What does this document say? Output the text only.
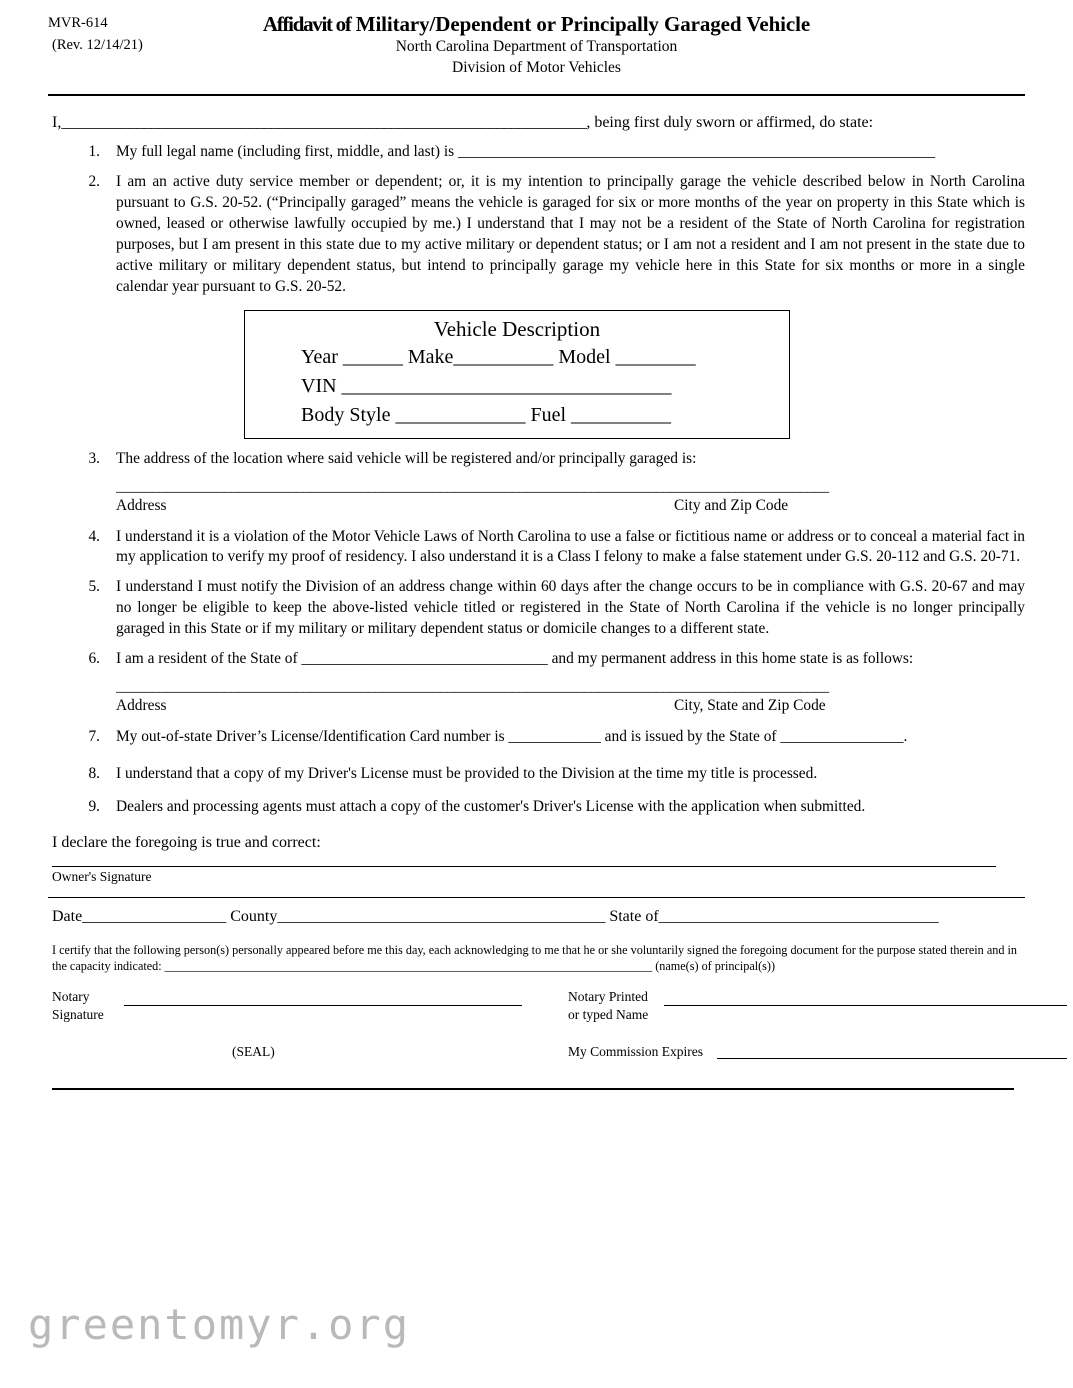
MVR-614
(Rev. 12/14/21)
Affidavit of Military/Dependent or Principally Garaged Vehicle
North Carolina Department of Transportation
Division of Motor Vehicles
I,______________________________________________________________________, being first duly sworn or affirmed, do state:
1. My full legal name (including first, middle, and last) is ______________________________________________________________
2. I am an active duty service member or dependent; or, it is my intention to principally garage the vehicle described below in North Carolina pursuant to G.S. 20-52. (“Principally garaged” means the vehicle is garaged for six or more months of the year on property in this State which is owned, leased or otherwise lawfully occupied by me.) I understand that I may not be a resident of the State of North Carolina for registration purposes, but I am present in this state due to my active military or dependent status; or I am not a resident and I am not present in the state due to active military or military dependent status, but intend to principally garage my vehicle here in this State for six months or more in a single calendar year pursuant to G.S. 20-52.
Vehicle Description
Year ______ Make__________ Model ________
VIN _________________________________
Body Style _____________ Fuel __________
3. The address of the location where said vehicle will be registered and/or principally garaged is:
___________________________________________________________________________________________________
Address	City and Zip Code
4. I understand it is a violation of the Motor Vehicle Laws of North Carolina to use a false or fictitious name or address or to conceal a material fact in my application to verify my proof of residency. I also understand it is a Class I felony to make a false statement under G.S. 20-112 and G.S. 20-71.
5. I understand I must notify the Division of an address change within 60 days after the change occurs to be in compliance with G.S. 20-67 and may no longer be eligible to keep the above-listed vehicle titled or registered in the State of North Carolina if the vehicle is no longer principally garaged in this State or if my military or military dependent status or domicile changes to a different state.
6. I am a resident of the State of ________________________________ and my permanent address in this home state is as follows:
___________________________________________________________________________________________________
Address	City, State and Zip Code
7. My out-of-state Driver’s License/Identification Card number is ____________ and is issued by the State of ________________.
8. I understand that a copy of my Driver's License must be provided to the Division at the time my title is processed.
9. Dealers and processing agents must attach a copy of the customer's Driver's License with the application when submitted.
I declare the foregoing is true and correct:
Owner's Signature
Date__________________ County_________________________________________ State of___________________________________
I certify that the following person(s) personally appeared before me this day, each acknowledging to me that he or she voluntarily signed the foregoing document for the purpose stated therein and in the capacity indicated: ________________________________________________________________________________ (name(s) of principal(s))
Notary
Signature
Notary Printed
or typed Name
(SEAL)	My Commission Expires
greentomyr.org
